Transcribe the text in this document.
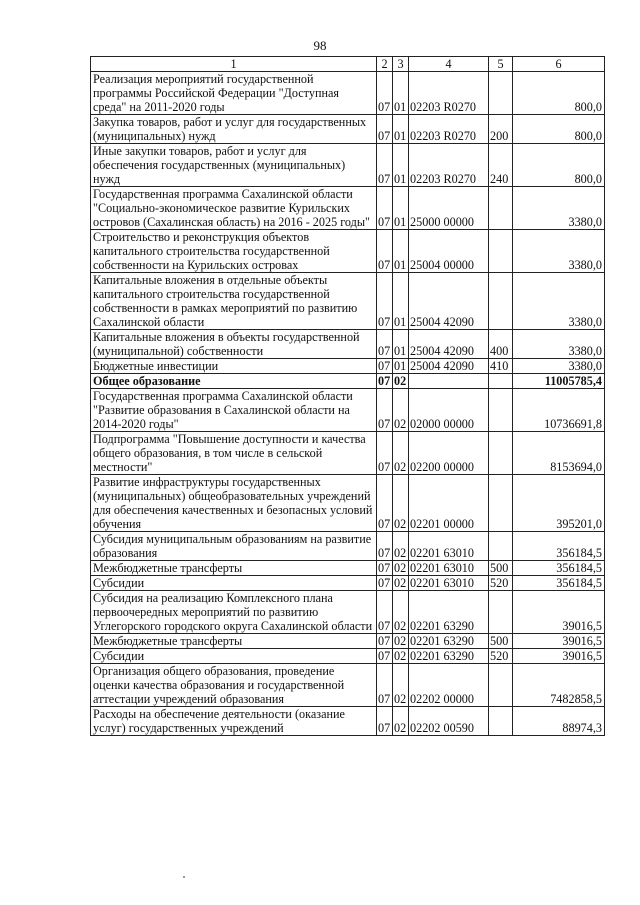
98
1	2	3	4	5	6
Реализация мероприятий государственной программы Российской Федерации "Доступная среда" на 2011-2020 годы	07	01	02203 R0270		800,0
Закупка товаров, работ и услуг для государственных (муниципальных) нужд	07	01	02203 R0270	200	800,0
Иные закупки товаров, работ и услуг для обеспечения государственных (муниципальных) нужд	07	01	02203 R0270	240	800,0
Государственная программа Сахалинской области "Социально-экономическое развитие Курильских островов (Сахалинская область) на 2016 - 2025 годы"	07	01	25000 00000		3380,0
Строительство и реконструкция объектов капитального строительства государственной собственности на Курильских островах	07	01	25004 00000		3380,0
Капитальные вложения в отдельные объекты капитального строительства государственной собственности в рамках мероприятий по развитию Сахалинской области	07	01	25004 42090		3380,0
Капитальные вложения в объекты государственной (муниципальной) собственности	07	01	25004 42090	400	3380,0
Бюджетные инвестиции	07	01	25004 42090	410	3380,0
Общее образование	07	02			11005785,4
Государственная программа Сахалинской области "Развитие образования в Сахалинской области на 2014-2020 годы"	07	02	02000 00000		10736691,8
Подпрограмма "Повышение доступности и качества общего образования, в том числе в сельской местности"	07	02	02200 00000		8153694,0
Развитие инфраструктуры государственных (муниципальных) общеобразовательных учреждений для обеспечения качественных и безопасных условий обучения	07	02	02201 00000		395201,0
Субсидия муниципальным образованиям на развитие образования	07	02	02201 63010		356184,5
Межбюджетные трансферты	07	02	02201 63010	500	356184,5
Субсидии	07	02	02201 63010	520	356184,5
Субсидия на реализацию Комплексного плана первоочередных мероприятий по развитию Углегорского городского округа Сахалинской области	07	02	02201 63290		39016,5
Межбюджетные трансферты	07	02	02201 63290	500	39016,5
Субсидии	07	02	02201 63290	520	39016,5
Организация общего образования, проведение оценки качества образования и государственной аттестации учреждений образования	07	02	02202 00000		7482858,5
Расходы на обеспечение деятельности (оказание услуг) государственных учреждений	07	02	02202 00590		88974,3
